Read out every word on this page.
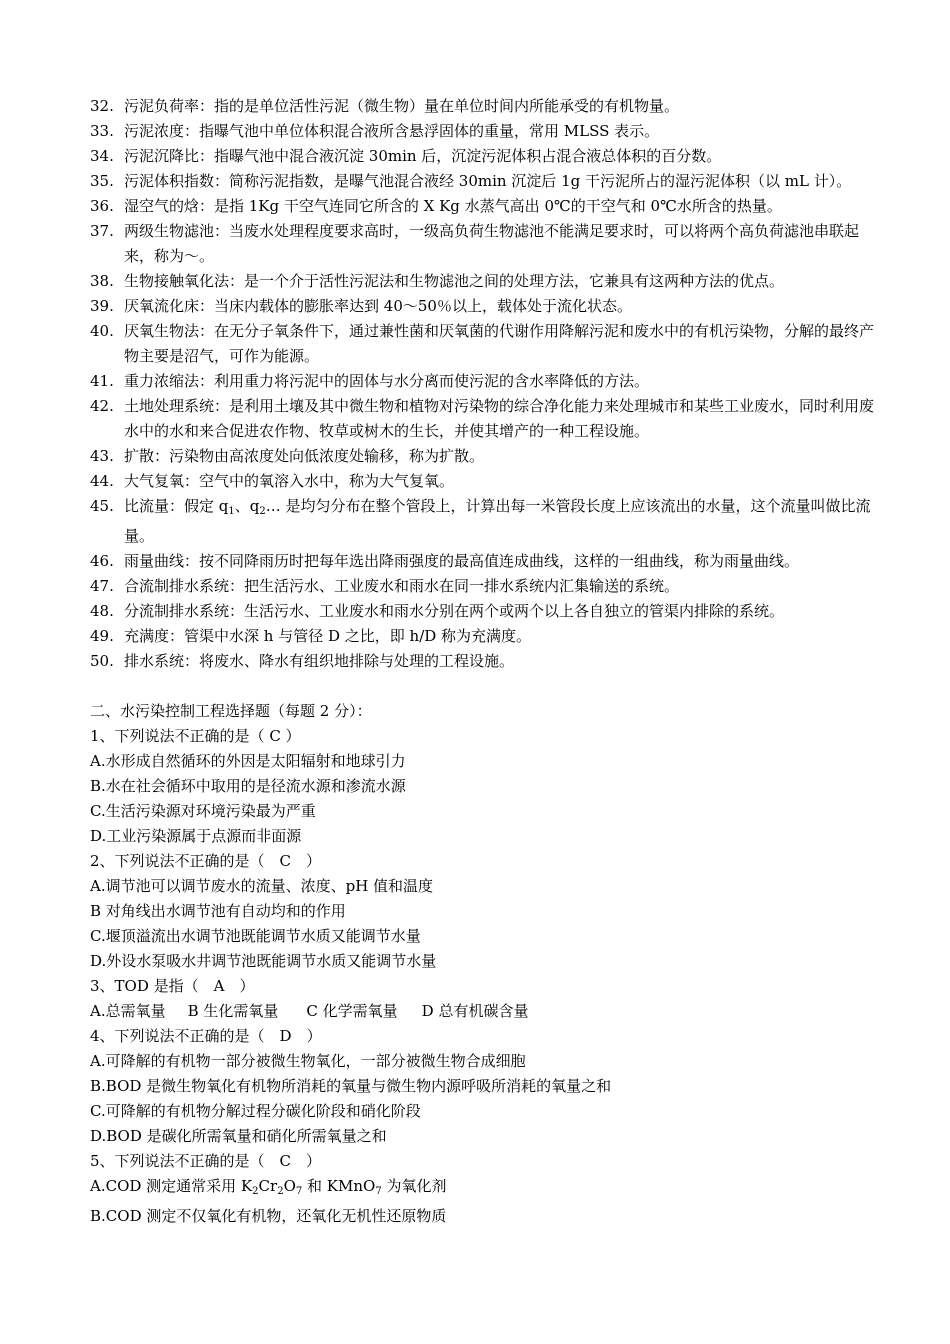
32. 污泥负荷率：指的是单位活性污泥（微生物）量在单位时间内所能承受的有机物量。
33. 污泥浓度：指曝气池中单位体积混合液所含悬浮固体的重量，常用 MLSS 表示。
34. 污泥沉降比：指曝气池中混合液沉淀 30min 后，沉淀污泥体积占混合液总体积的百分数。
35. 污泥体积指数：简称污泥指数，是曝气池混合液经 30min 沉淀后 1g 干污泥所占的湿污泥体积（以 mL 计）。
36. 湿空气的焓：是指 1Kg 干空气连同它所含的 X Kg 水蒸气高出 0℃的干空气和 0℃水所含的热量。
37. 两级生物滤池：当废水处理程度要求高时，一级高负荷生物滤池不能满足要求时，可以将两个高负荷滤池串联起来，称为～。
38. 生物接触氧化法：是一个介于活性污泥法和生物滤池之间的处理方法，它兼具有这两种方法的优点。
39. 厌氧流化床：当床内载体的膨胀率达到 40～50％以上，载体处于流化状态。
40. 厌氧生物法：在无分子氧条件下，通过兼性菌和厌氧菌的代谢作用降解污泥和废水中的有机污染物，分解的最终产物主要是沼气，可作为能源。
41. 重力浓缩法：利用重力将污泥中的固体与水分离而使污泥的含水率降低的方法。
42. 土地处理系统：是利用土壤及其中微生物和植物对污染物的综合净化能力来处理城市和某些工业废水，同时利用废水中的水和来合促进农作物、牧草或树木的生长，并使其增产的一种工程设施。
43. 扩散：污染物由高浓度处向低浓度处输移，称为扩散。
44. 大气复氧：空气中的氧溶入水中，称为大气复氧。
45. 比流量：假定 $q_1$、$q_2\dots$ 是均匀分布在整个管段上，计算出每一米管段长度上应该流出的水量，这个流量叫做比流量。
46. 雨量曲线：按不同降雨历时把每年选出降雨强度的最高值连成曲线，这样的一组曲线，称为雨量曲线。
47. 合流制排水系统：把生活污水、工业废水和雨水在同一排水系统内汇集输送的系统。
48. 分流制排水系统：生活污水、工业废水和雨水分别在两个或两个以上各自独立的管渠内排除的系统。
49. 充满度：管渠中水深 h 与管径 D 之比，即 h/D 称为充满度。
50. 排水系统：将废水、降水有组织地排除与处理的工程设施。
二、水污染控制工程选择题（每题 2 分）：
1、下列说法不正确的是（ C ）
A.水形成自然循环的外因是太阳辐射和地球引力
B.水在社会循环中取用的是径流水源和渗流水源
C.生活污染源对环境污染最为严重
D.工业污染源属于点源而非面源
2、下列说法不正确的是（　C　）
A.调节池可以调节废水的流量、浓度、pH 值和温度
B 对角线出水调节池有自动均和的作用
C.堰顶溢流出水调节池既能调节水质又能调节水量
D.外设水泵吸水井调节池既能调节水质又能调节水量
3、TOD 是指（　A　）
A.总需氧量 B 生化需氧量 C 化学需氧量 D 总有机碳含量
4、下列说法不正确的是（　D　）
A.可降解的有机物一部分被微生物氧化，一部分被微生物合成细胞
B.BOD 是微生物氧化有机物所消耗的氧量与微生物内源呼吸所消耗的氧量之和
C.可降解的有机物分解过程分碳化阶段和硝化阶段
D.BOD 是碳化所需氧量和硝化所需氧量之和
5、下列说法不正确的是（　C　）
A.COD 测定通常采用 $K_2Cr_2O_7$ 和 KMnO$_7$ 为氧化剂
B.COD 测定不仅氧化有机物，还氧化无机性还原物质
